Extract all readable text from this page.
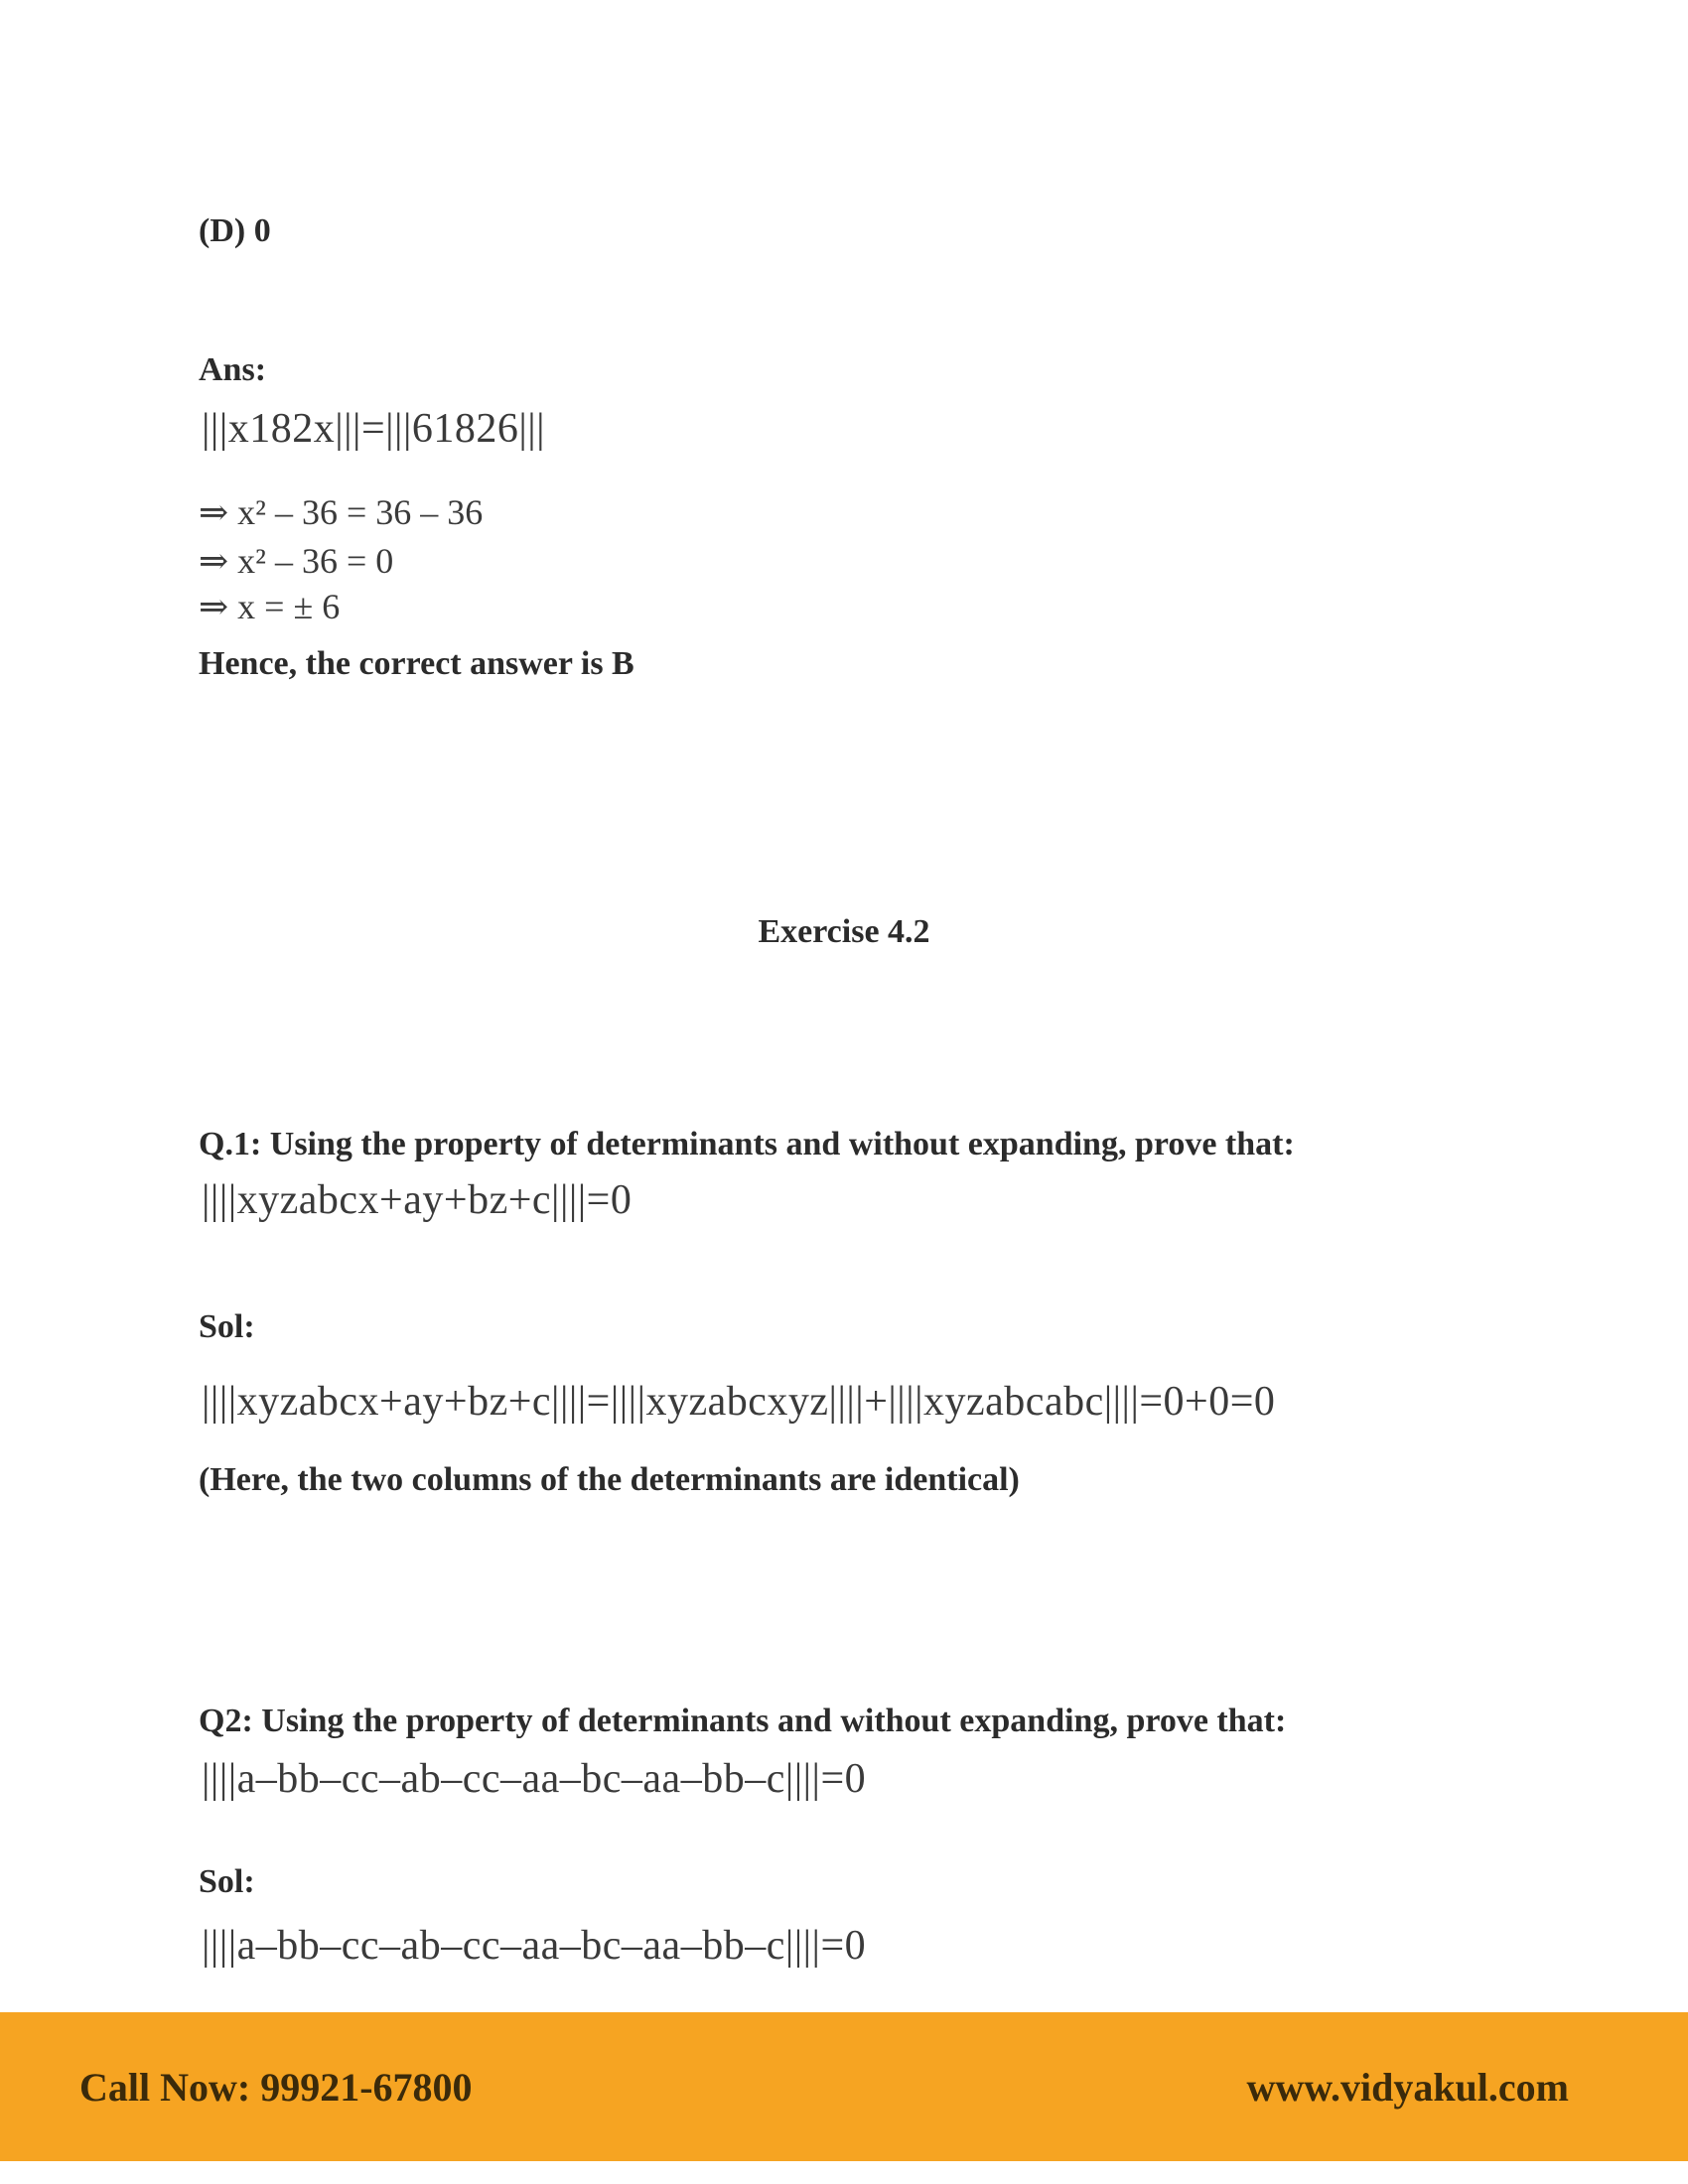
(D) 0
Ans:
|||x182x|||=|||61826|||
⇒ x² – 36 = 36 – 36
⇒ x² – 36 = 0
⇒ x = ± 6
Hence, the correct answer is B
Exercise 4.2
Q.1: Using the property of determinants and without expanding, prove that:
||||xyzabcx+ay+bz+c||||=0
Sol:
||||xyzabcx+ay+bz+c||||=||||xyzabcxyz||||+||||xyzabcabc||||=0+0=0
(Here, the two columns of the determinants are identical)
Q2: Using the property of determinants and without expanding, prove that:
||||a–bb–cc–ab–cc–aa–bc–aa–bb–c||||=0
Sol:
||||a–bb–cc–ab–cc–aa–bc–aa–bb–c||||=0
Call Now: 99921-67800	www.vidyakul.com
